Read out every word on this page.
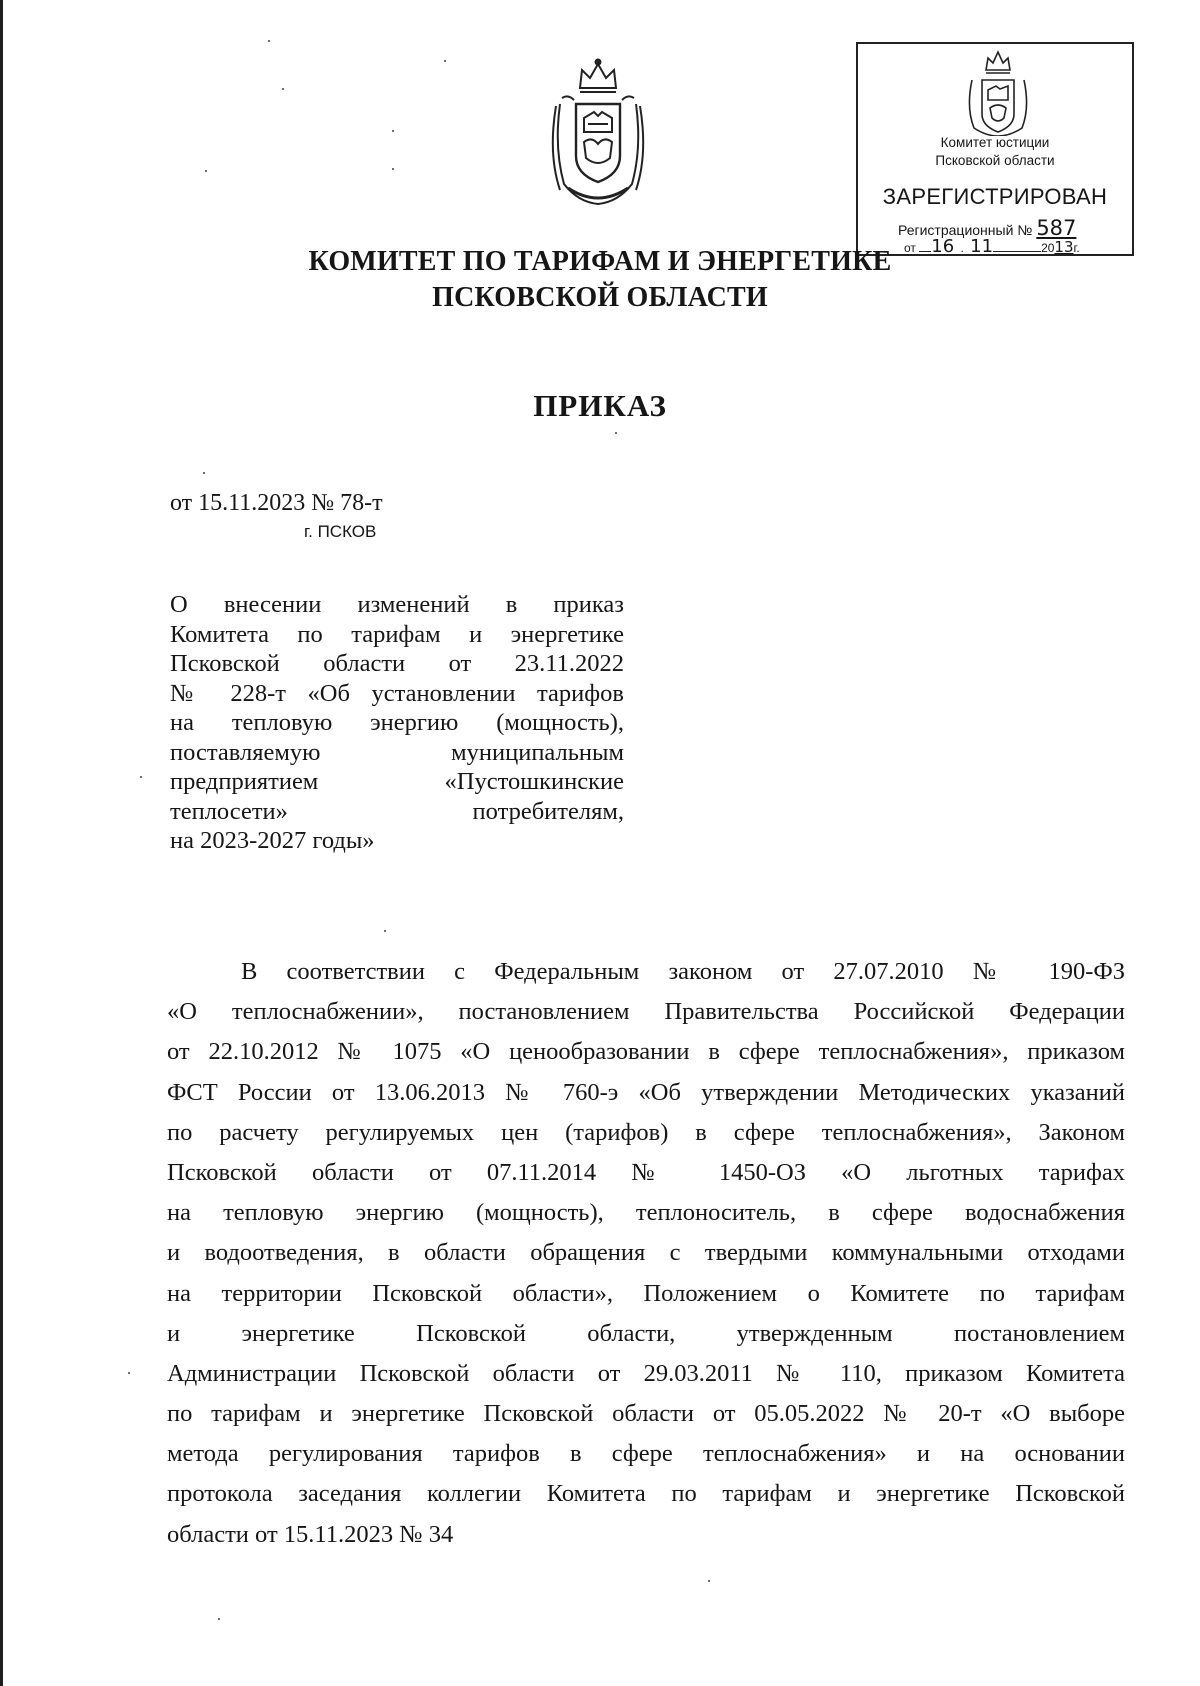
Комитет юстиции
Псковской области
ЗАРЕГИСТРИРОВАН
Регистрационный № 587
от 16 . 11	2013г.
КОМИТЕТ ПО ТАРИФАМ И ЭНЕРГЕТИКЕ
ПСКОВСКОЙ ОБЛАСТИ
ПРИКАЗ
от 15.11.2023 № 78-т
г. ПСКОВ
О внесении изменений в приказ
Комитета по тарифам и энергетике
Псковской области от 23.11.2022
№ 228-т «Об установлении тарифов
на тепловую энергию (мощность),
поставляемую муниципальным
предприятием «Пустошкинские
теплосети» потребителям,
на 2023-2027 годы»
В соответствии с Федеральным законом от 27.07.2010 № 190-ФЗ
«О теплоснабжении», постановлением Правительства Российской Федерации
от 22.10.2012 № 1075 «О ценообразовании в сфере теплоснабжения», приказом
ФСТ России от 13.06.2013 № 760-э «Об утверждении Методических указаний
по расчету регулируемых цен (тарифов) в сфере теплоснабжения», Законом
Псковской области от 07.11.2014 № 1450-ОЗ «О льготных тарифах
на тепловую энергию (мощность), теплоноситель, в сфере водоснабжения
и водоотведения, в области обращения с твердыми коммунальными отходами
на территории Псковской области», Положением о Комитете по тарифам
и энергетике Псковской области, утвержденным постановлением
Администрации Псковской области от 29.03.2011 № 110, приказом Комитета
по тарифам и энергетике Псковской области от 05.05.2022 № 20-т «О выборе
метода регулирования тарифов в сфере теплоснабжения» и на основании
протокола заседания коллегии Комитета по тарифам и энергетике Псковской
области от 15.11.2023 № 34
